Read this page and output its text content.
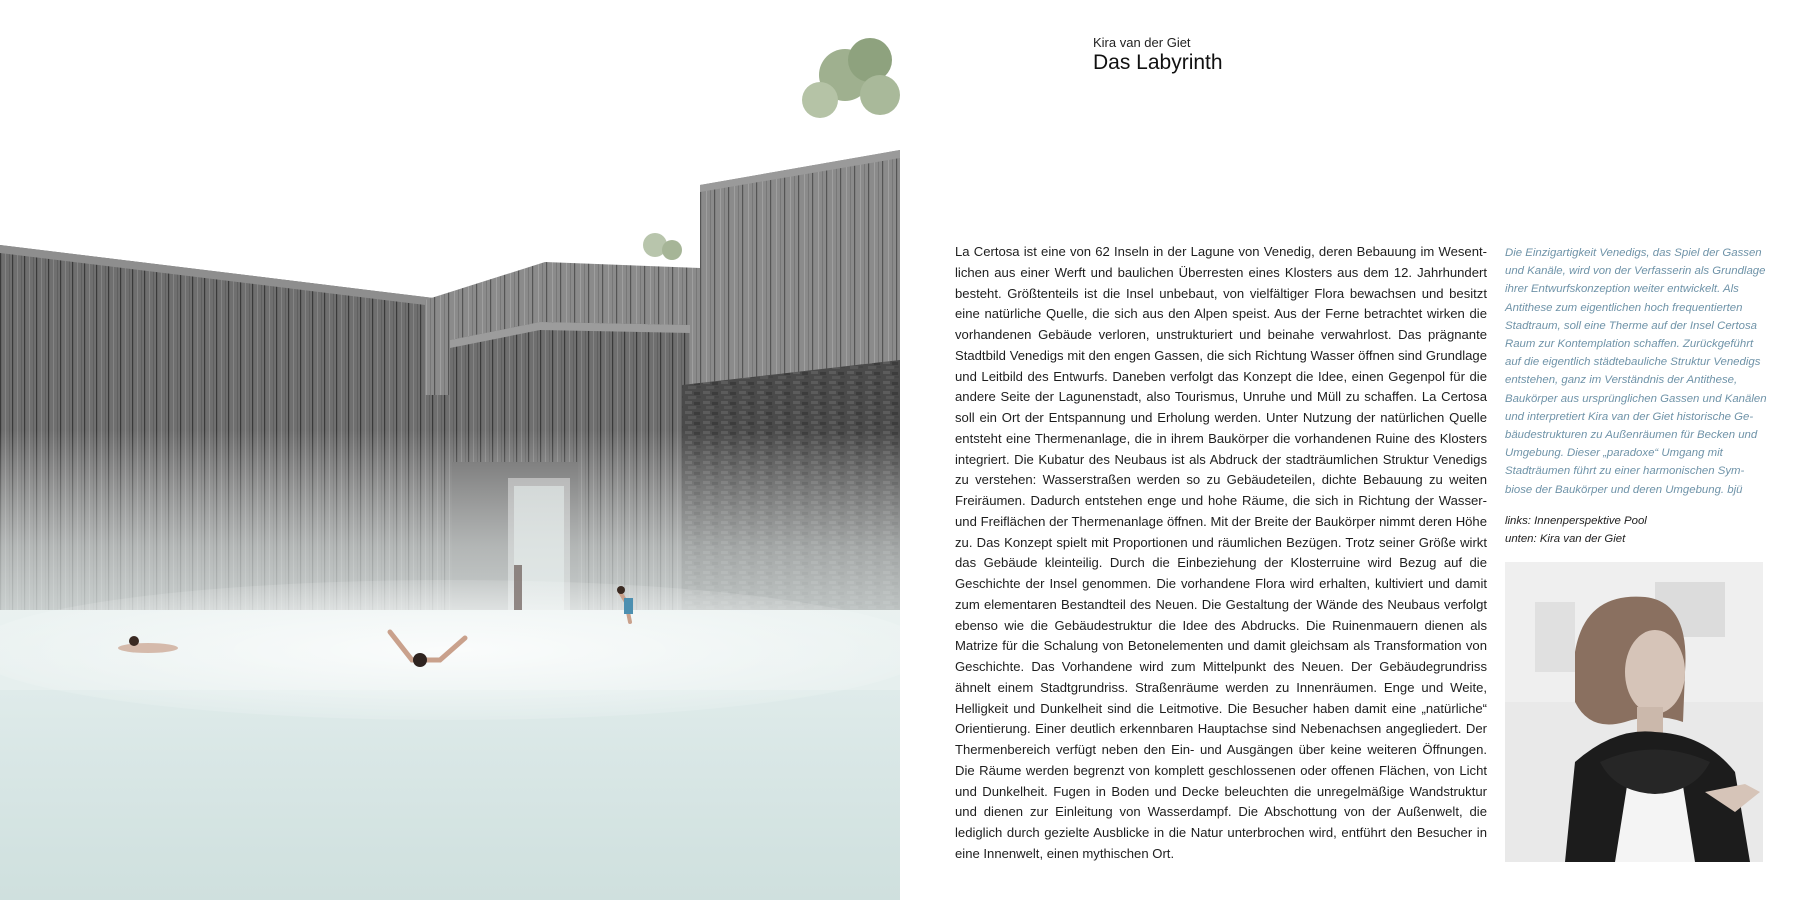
Kira van der Giet
Das Labyrinth

La Certosa ist eine von 62 Inseln in der Lagune von Venedig, deren Bebauung im Wesentlichen aus einer Werft und baulichen Überresten eines Klosters aus dem 12. Jahrhundert besteht. Größtenteils ist die Insel unbebaut, von vielfältiger Flora bewachsen und besitzt eine natürliche Quelle, die sich aus den Alpen speist. Aus der Ferne betrachtet wirken die vorhandenen Gebäude verloren, unstrukturiert und beinahe verwahrlost. Das prägnante Stadtbild Venedigs mit den engen Gassen, die sich Richtung Wasser öffnen sind Grundlage und Leitbild des Entwurfs. Daneben verfolgt das Konzept die Idee, einen Gegenpol für die andere Seite der Lagunenstadt, also Tourismus, Unruhe und Müll zu schaffen. La Certosa soll ein Ort der Entspannung und Erholung werden. Unter Nutzung der natürlichen Quelle entsteht eine Thermenanlage, die in ihrem Baukörper die vorhandenen Ruine des Klosters integriert. Die Kubatur des Neubaus ist als Abdruck der stadträumlichen Struktur Venedigs zu verstehen: Wasserstraßen werden so zu Gebäudeteilen, dichte Bebauung zu weiten Freiräumen. Dadurch entstehen enge und hohe Räume, die sich in Richtung der Wasser- und Freiflächen der Thermenanlage öffnen. Mit der Breite der Baukörper nimmt deren Höhe zu. Das Konzept spielt mit Proportionen und räumlichen Bezügen. Trotz seiner Größe wirkt das Gebäude kleinteilig. Durch die Einbeziehung der Klosterruine wird Bezug auf die Geschichte der Insel genommen. Die vorhandene Flora wird erhalten, kultiviert und damit zum elementaren Bestandteil des Neuen. Die Gestaltung der Wände des Neubaus verfolgt ebenso wie die Gebäudestruktur die Idee des Abdrucks. Die Ruinenmauern dienen als Matrize für die Schalung von Betonelementen und damit gleichsam als Transformation von Geschichte. Das Vorhandene wird zum Mittelpunkt des Neuen. Der Gebäudegrundriss ähnelt einem Stadtgrundriss. Straßenräume werden zu Innenräumen. Enge und Weite, Helligkeit und Dunkelheit sind die Leitmotive. Die Besucher haben damit eine „natürliche“ Orientierung. Einer deutlich erkennbaren Hauptachse sind Nebenachsen angegliedert. Der Thermenbereich verfügt neben den Ein- und Ausgängen über keine weiteren Öffnungen. Die Räume werden begrenzt von komplett geschlossenen oder offenen Flächen, von Licht und Dunkelheit. Fugen in Boden und Decke beleuchten die unregelmäßige Wandstruktur und dienen zur Einleitung von Wasserdampf. Die Abschottung von der Außenwelt, die lediglich durch gezielte Ausblicke in die Natur unterbrochen wird, entführt den Besucher in eine Innenwelt, einen mythischen Ort.

Die Einzigartigkeit Venedigs, das Spiel der Gassen und Kanäle, wird von der Verfasserin als Grundlage ihrer Entwurfskonzeption weiter entwickelt. Als Antithese zum eigentlichen hoch frequentierten Stadtraum, soll eine Therme auf der Insel Certosa Raum zur Kontemplation schaffen. Zurückgeführt auf die eigentlich städtebauliche Struktur Venedigs entstehen, ganz im Verständnis der Antithese, Baukörper aus ursprünglichen Gassen und Kanälen und interpretiert Kira van der Giet historische Gebäudestrukturen zu Außenräumen für Becken und Umgebung. Dieser „paradoxe“ Umgang mit Stadträumen führt zu einer harmonischen Symbiose der Baukörper und deren Umgebung. bjü

links: Innenperspektive Pool
unten: Kira van der Giet
